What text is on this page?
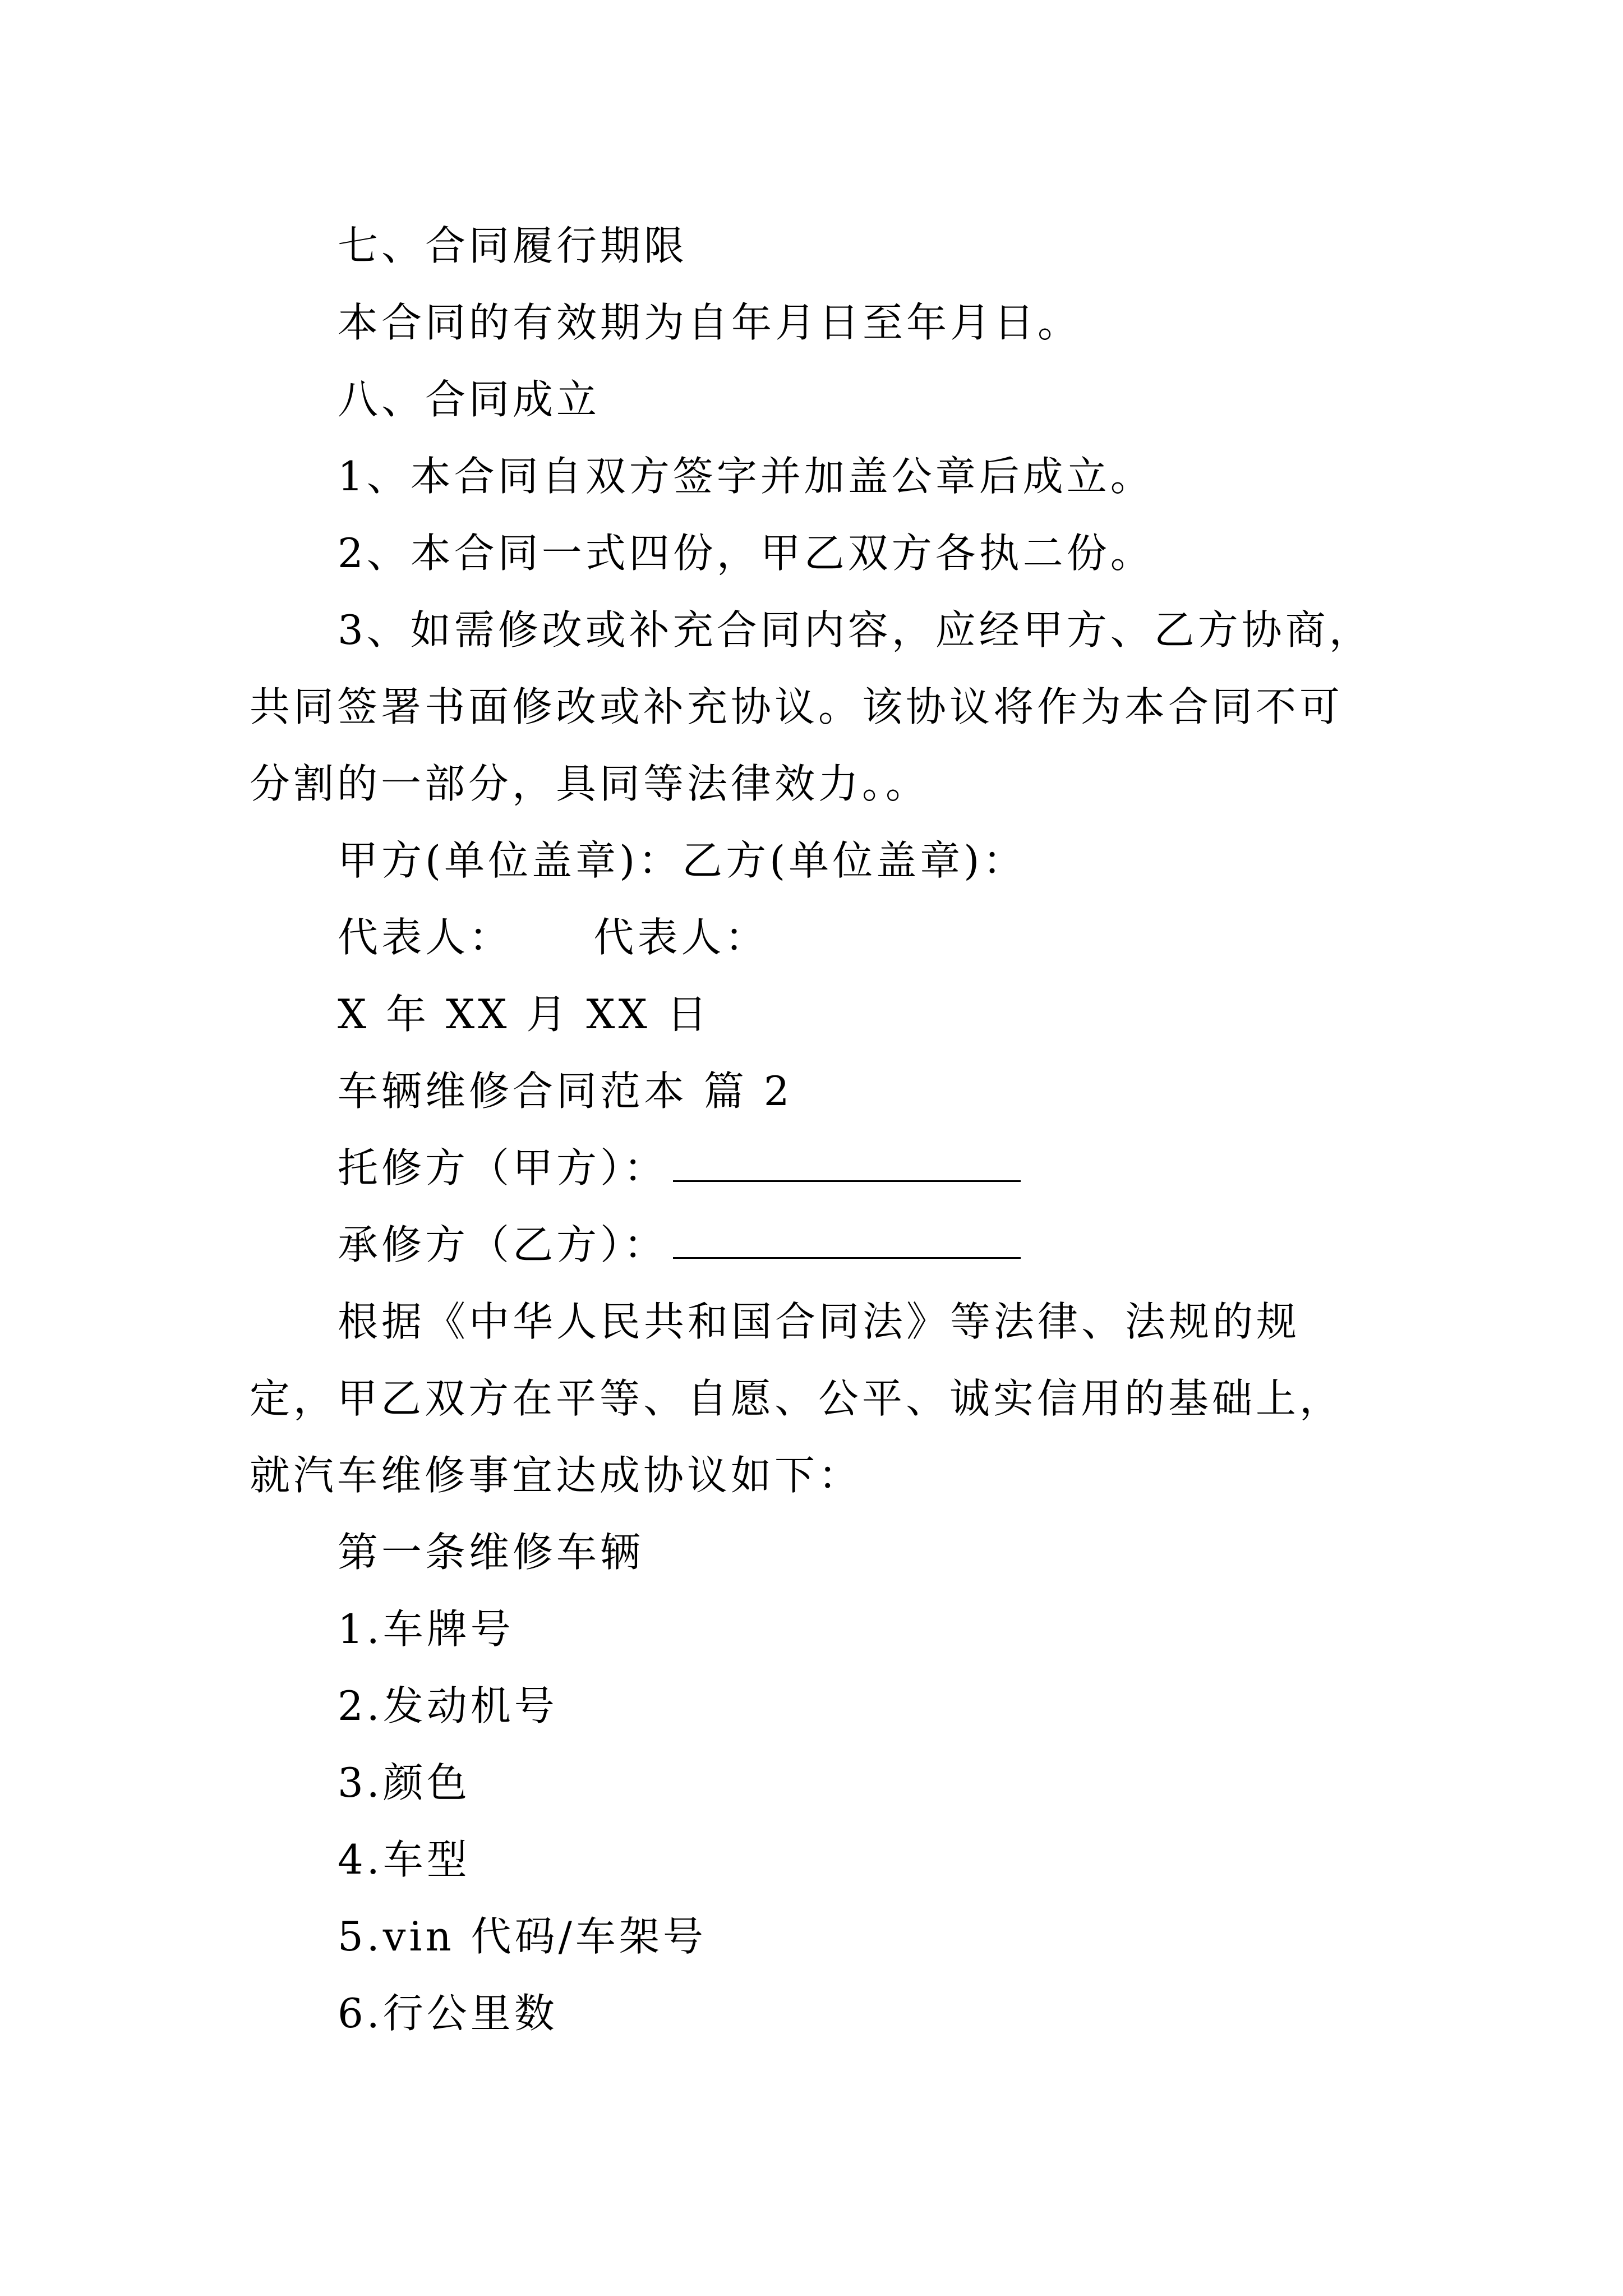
七、合同履行期限

本合同的有效期为自年月日至年月日。

八、合同成立

1、本合同自双方签字并加盖公章后成立。

2、本合同一式四份，甲乙双方各执二份。

3、如需修改或补充合同内容，应经甲方、乙方协商，共同签署书面修改或补充协议。该协议将作为本合同不可分割的一部分，具同等法律效力。。

甲方(单位盖章)：乙方(单位盖章)：

代表人：     代表人：

X 年 XX 月 XX 日

车辆维修合同范本 篇 2

托修方（甲方）：

承修方（乙方）：

根据《中华人民共和国合同法》等法律、法规的规定，甲乙双方在平等、自愿、公平、诚实信用的基础上，就汽车维修事宜达成协议如下：

第一条维修车辆

1.车牌号

2.发动机号

3.颜色

4.车型

5.vin 代码/车架号

6.行公里数
